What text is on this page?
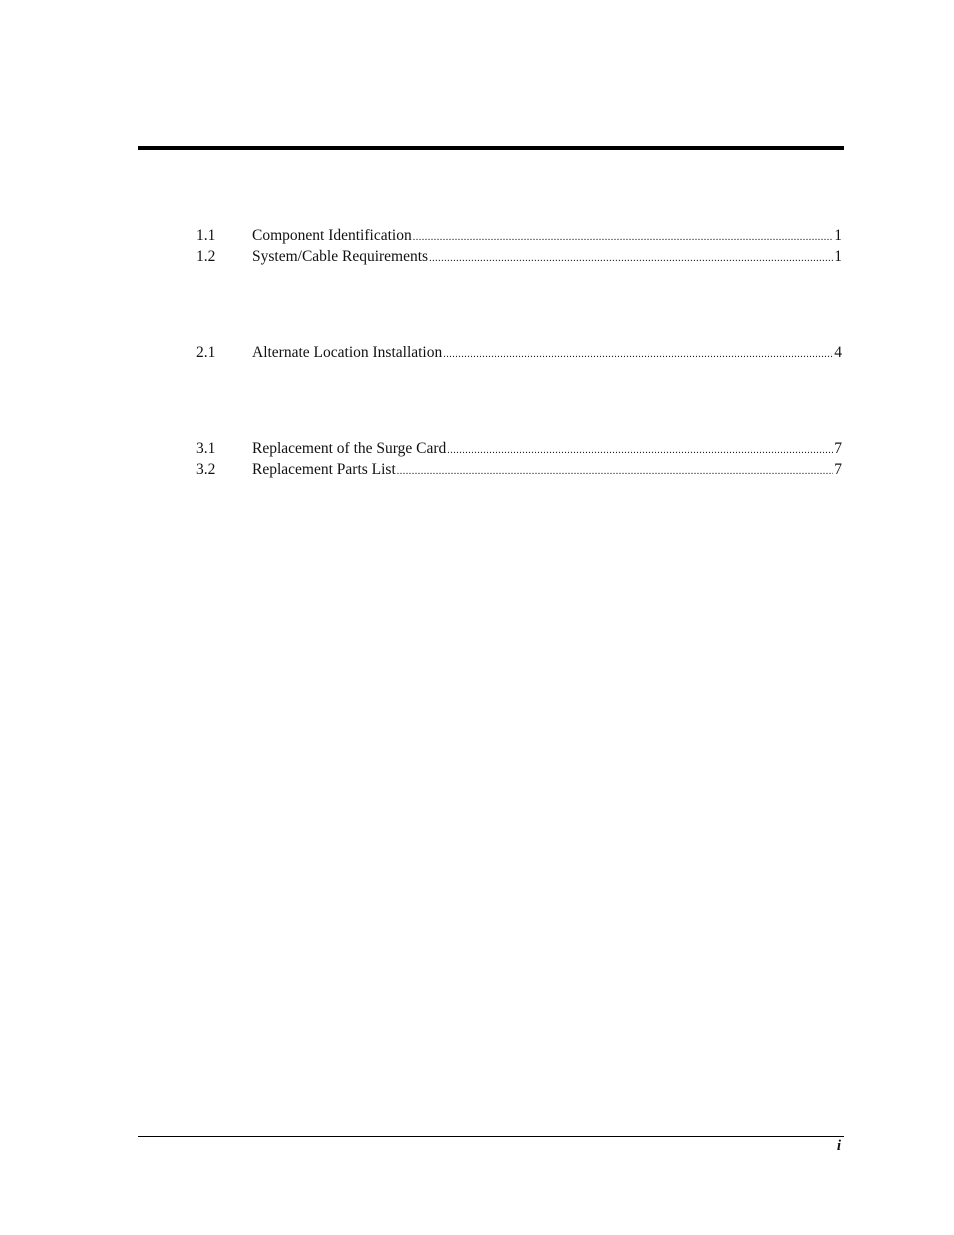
1.1 Component Identification .....	1
1.2 System/Cable Requirements .....	1
2.1 Alternate Location Installation .....	4
3.1 Replacement of the Surge Card .....	7
3.2 Replacement Parts List .....	7
i
